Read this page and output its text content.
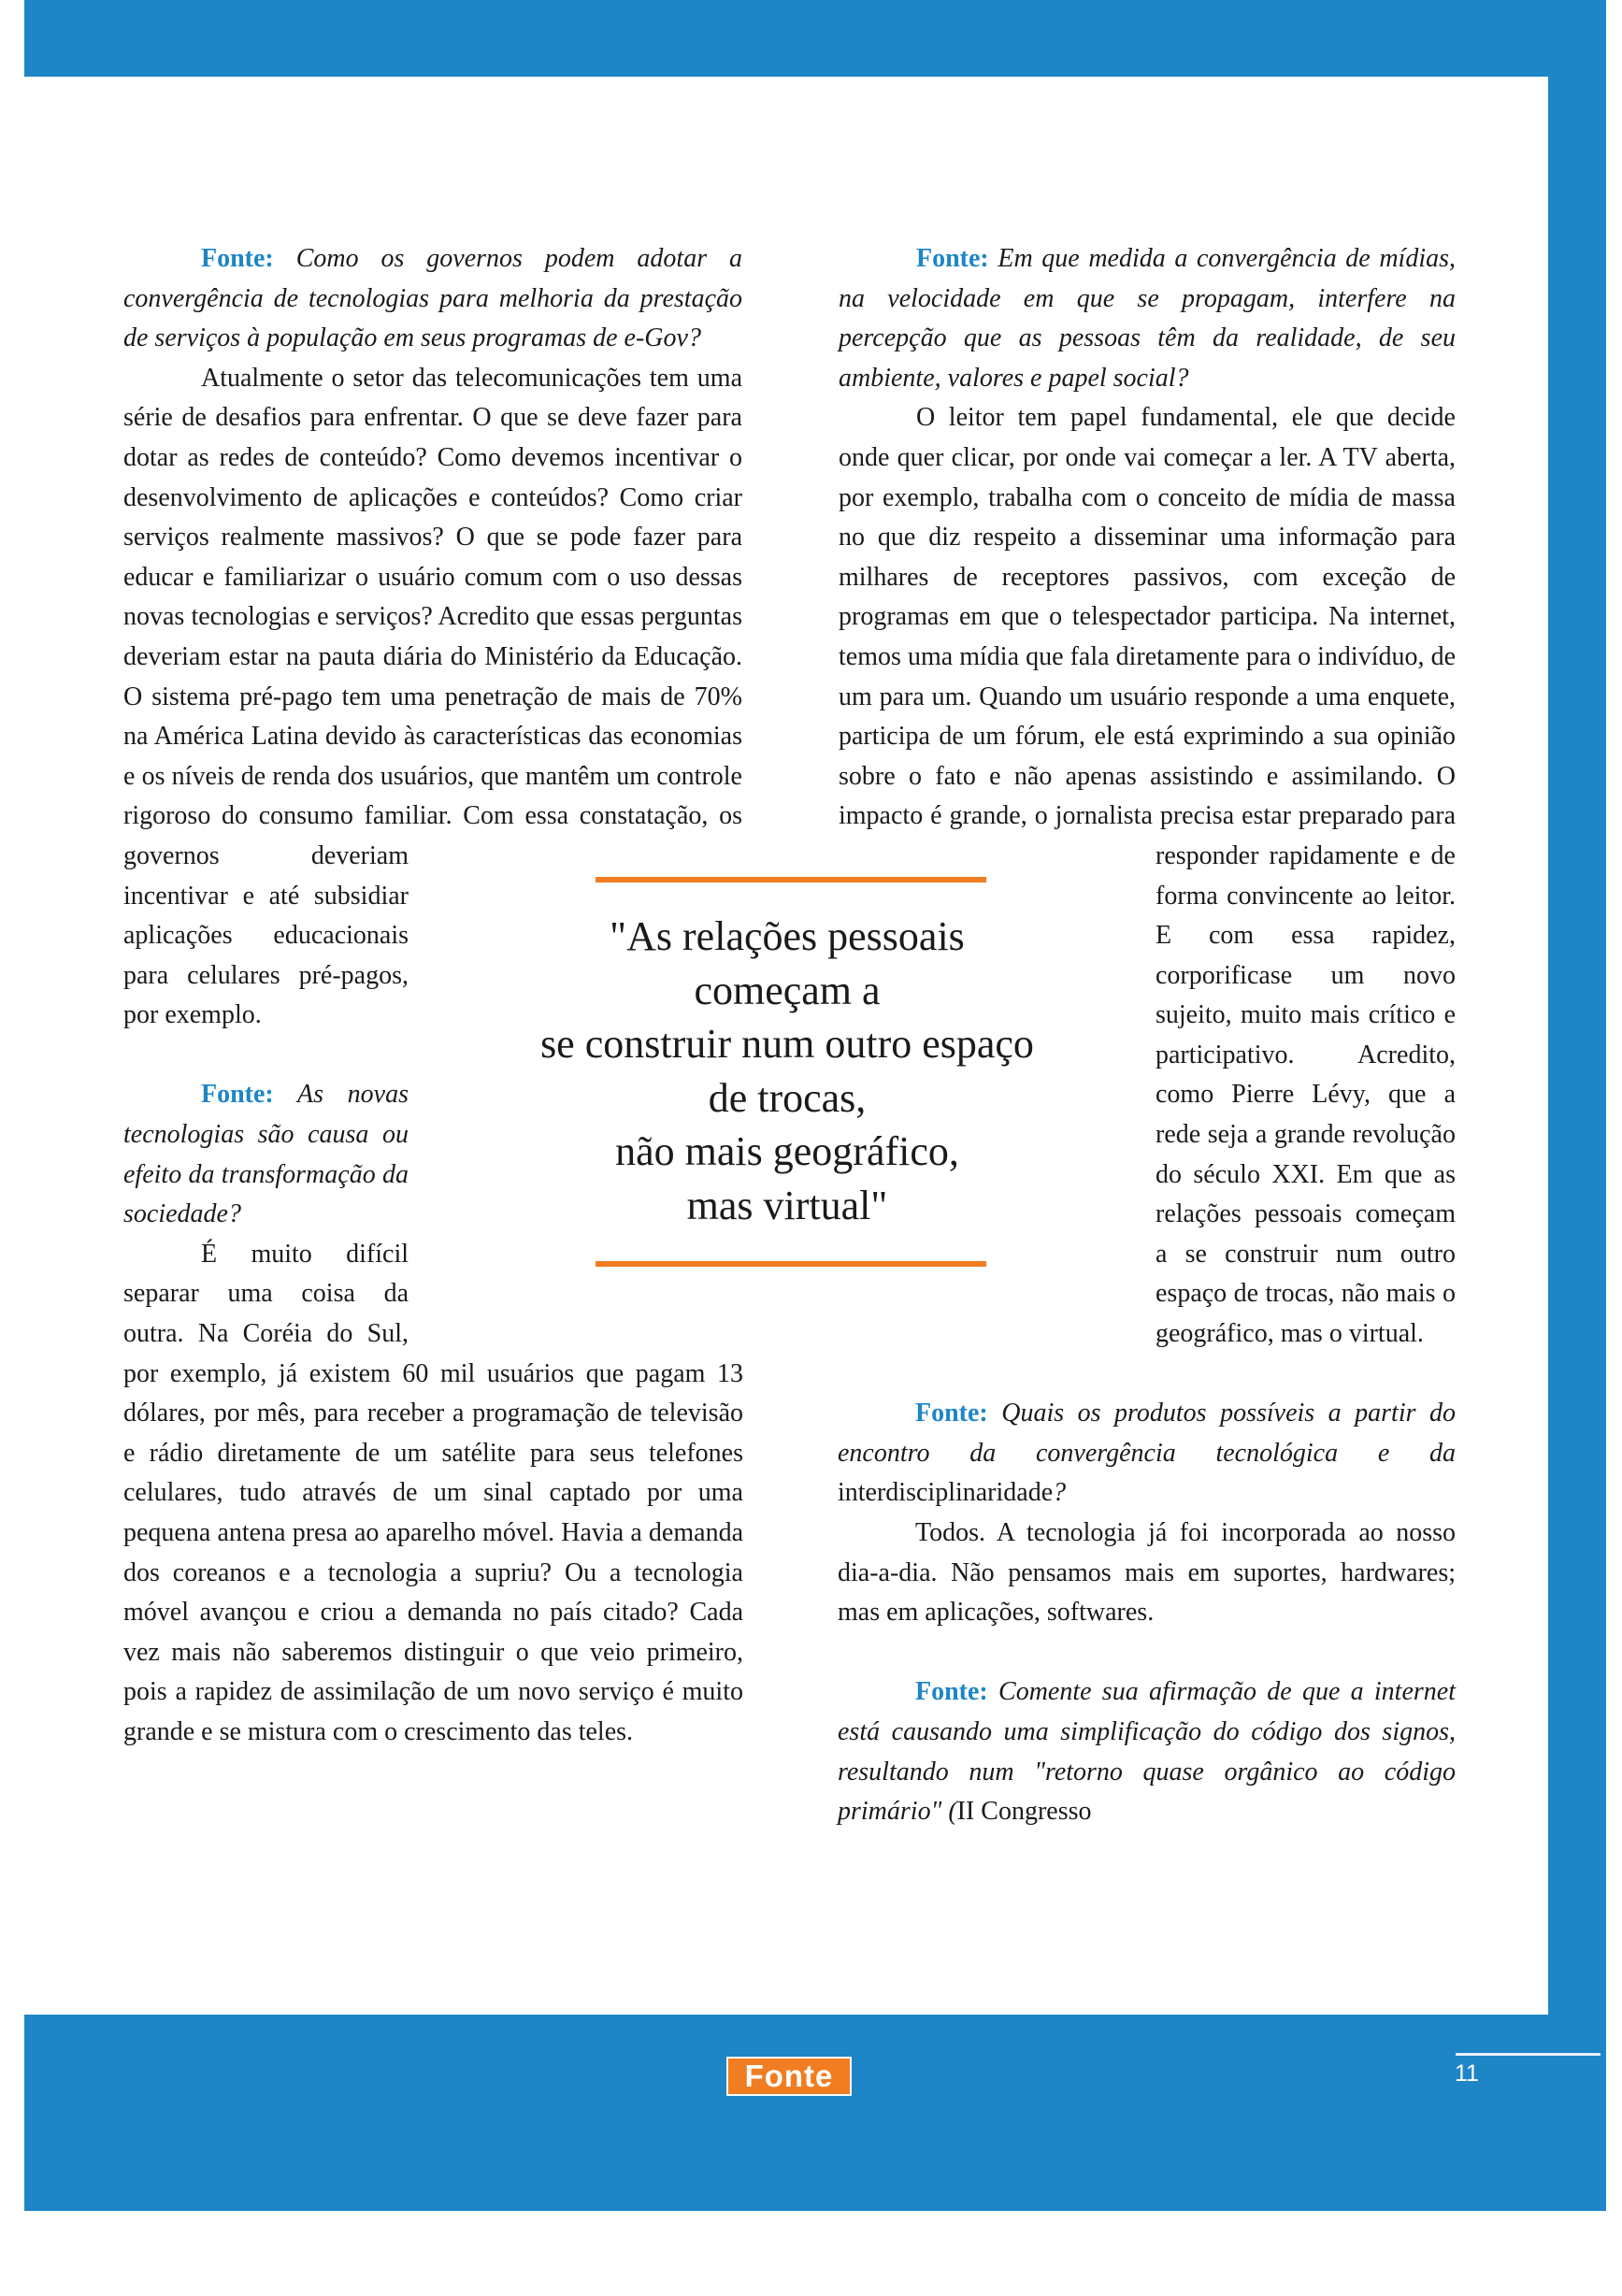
Fonte: Como os governos podem adotar a convergência de tecnologias para melhoria da prestação de serviços à população em seus programas de e-Gov?

Atualmente o setor das telecomunicações tem uma série de desafios para enfrentar. O que se deve fazer para dotar as redes de conteúdo? Como devemos incentivar o desenvolvimento de aplicações e conteúdos? Como criar serviços realmente massivos? O que se pode fazer para educar e familiarizar o usuário comum com o uso dessas novas tecnologias e serviços? Acredito que essas perguntas deveriam estar na pauta diária do Ministério da Educação. O sistema pré-pago tem uma penetração de mais de 70% na América Latina devido às características das economias e os níveis de renda dos usuários, que mantêm um controle rigoroso do consumo familiar. Com essa constatação, os governos deveriam incentivar e até subsidiar aplicações educacionais para celulares pré-pagos, por exemplo.

Fonte: As novas tecnologias são causa ou efeito da transformação da sociedade?

É muito difícil separar uma coisa da outra. Na Coréia do Sul, por exemplo, já existem 60 mil usuários que pagam 13 dólares, por mês, para receber a programação de televisão e rádio diretamente de um satélite para seus telefones celulares, tudo através de um sinal captado por uma pequena antena presa ao aparelho móvel. Havia a demanda dos coreanos e a tecnologia a supriu? Ou a tecnologia móvel avançou e criou a demanda no país citado? Cada vez mais não saberemos distinguir o que veio primeiro, pois a rapidez de assimilação de um novo serviço é muito grande e se mistura com o crescimento das teles.

Fonte: Em que medida a convergência de mídias, na velocidade em que se propagam, interfere na percepção que as pessoas têm da realidade, de seu ambiente, valores e papel social?

O leitor tem papel fundamental, ele que decide onde quer clicar, por onde vai começar a ler. A TV aberta, por exemplo, trabalha com o conceito de mídia de massa no que diz respeito a disseminar uma informação para milhares de receptores passivos, com exceção de programas em que o telespectador participa. Na internet, temos uma mídia que fala diretamente para o indivíduo, de um para um. Quando um usuário responde a uma enquete, participa de um fórum, ele está exprimindo a sua opinião sobre o fato e não apenas assistindo e assimilando. O impacto é grande, o jornalista precisa estar preparado para responder rapidamente e de forma convincente ao leitor. E com essa rapidez, corporificase um novo sujeito, muito mais crítico e participativo. Acredito, como Pierre Lévy, que a rede seja a grande revolução do século XXI. Em que as relações pessoais começam a se construir num outro espaço de trocas, não mais o geográfico, mas o virtual.

Fonte: Quais os produtos possíveis a partir do encontro da convergência tecnológica e da interdisciplinaridade?

Todos. A tecnologia já foi incorporada ao nosso dia-a-dia. Não pensamos mais em suportes, hardwares; mas em aplicações, softwares.

Fonte: Comente sua afirmação de que a internet está causando uma simplificação do código dos signos, resultando num "retorno quase orgânico ao código primário" (II Congresso

"As relações pessoais
começam a
se construir num outro espaço
de trocas,
não mais geográfico,
mas virtual"
Fonte	11
